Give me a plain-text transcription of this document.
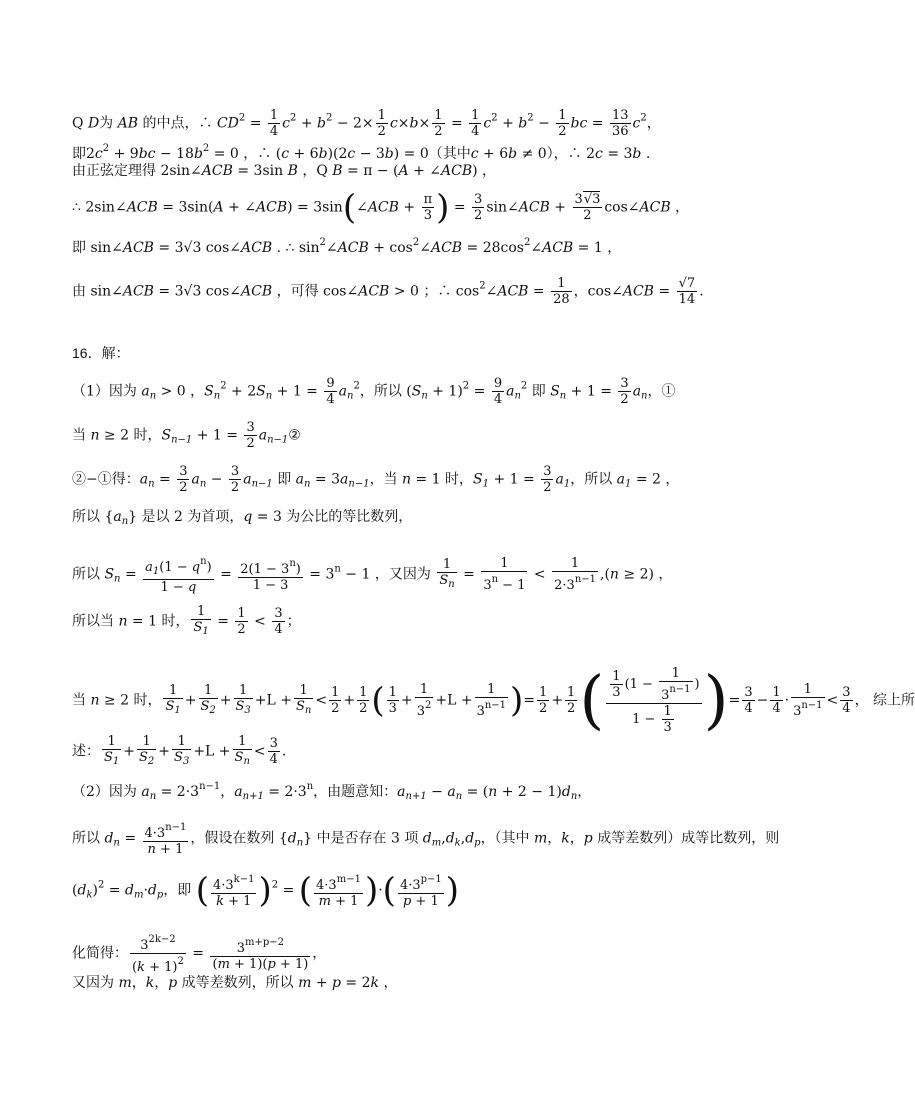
Q D为 AB 的中点，∴ $CD^2 = \frac{1}{4} c^2 + b^2 - 2\times \frac{1}{2} c\times b\times \frac{1}{2} = \frac{1}{4} c^2 + b^2 - \frac{1}{2}$ bc = $\frac{13}{36} c^2$，
即$2c^2 + 9bc - 18b^2 = 0$ ，∴ (c + 6b)(2c − 3b) = 0（其中c + 6b ≠ 0），∴ 2c = 3b .
由正弦定理得 2sin∠ACB = 3sin B ，Q B = π − (A + ∠ACB) ，
∴ 2sin∠ACB = 3sin(A + ∠ACB) = 3sin(∠ACB + $\frac{\pi}{3}$ ) = $\frac{3}{2}$ sin∠ACB + $\frac{3√3}{2}$ cos∠ACB ，
即 sin∠ACB = 3√3 cos∠ACB . ∴ $\sin^2\angle ACB$ + $\cos^2\angle ACB$ = $28\cos^2\angle ACB = 1$ ，
由 sin∠ACB = 3√3 cos∠ACB ，可得 cos∠ACB > 0 ；∴ $\cos^2\angle ACB = \frac{1}{28}$ ，cos∠ACB = $\frac{√7}{14}$ .
16．解：
（1）因为 $a_n > 0$ ，$S_n^2 + 2S_n + 1 = \frac{9}{4} a_n^2$，所以 $(S_n + 1)^2 = \frac{9}{4} a_n^2$ 即 $S_n + 1 = \frac{3}{2} a_n$，①
当 n ≥ 2 时，$S_{n-1} + 1 = \frac{3}{2}$ $a_{n-1}②$
②−①得：$a_n = \frac{3}{2} a_n - \frac{3}{2} a_{n-1}$ 即 $a_n = 3a_{n-1}$，当 n = 1 时，$S_1 + 1 = \frac{3}{2} a_1$，所以 $a_1 = 2$ ，
所以 $\{a_n\}$ 是以 2 为首项，q = 3 为公比的等比数列，
所以 $S_n = \frac{a_1(1 - q^n)}{1 - q} = \frac{2(1 - 3^n)}{1 - 3} = 3^n - 1$ ，又因为 $\frac{1}{S_n} = \frac{1}{3^n - 1} < \frac{1}{2\cdot 3^{n-1}} ,(n \ge 2)$ ，
所以当 n = 1 时， $\frac{1}{S_1} = \frac{1}{2} < \frac{3}{4}$ ；
当 n ≥ 2 时， $\frac{1}{S_1} + \frac{1}{S_2} + \frac{1}{S_3} +L + \frac{1}{S_n} < \frac{1}{2} + \frac{1}{2}$ ( $\frac{1}{3} + \frac{1}{3^2} +L + \frac{1}{3^{n-1}}$ )= $\frac{1}{2} + \frac{1}{2}$ ( $\frac{\frac{1}{3} (1 - \frac{1}{3^{n-1}} )}{1 - \frac{1}{3}}$ )= $\frac{3}{4} - \frac{1}{4} \cdot \frac{1}{3^{n-1}} < \frac{3}{4}$ ， 综上所
述： $\frac{1}{S_1} + \frac{1}{S_2} + \frac{1}{S_3} +L + \frac{1}{S_n} < \frac{3}{4}$ .
（2）因为 $a_n = 2\cdot 3^{n-1}$，$a_{n+1} = 2\cdot 3^n$，由题意知：$a_{n+1} - a_n = (n + 2 - 1)d_n$，
所以 $d_n = \frac{4\cdot 3^{n-1}}{n + 1}$ ，假设在数列 $\{d_n\}$ 中是否存在 3 项 $d_m,d_k,d_p$，（其中 m，k，p 成等差数列）成等比数列，则
$(d_k)^2 = d_m\cdot d_p$，即 ( $\frac{4\cdot 3^{k-1}}{k + 1} )^2$ = ( $\frac{4\cdot 3^{m-1}}{m + 1}$ )·( $\frac{4\cdot 3^{p-1}}{p + 1}$ )
化简得： $\frac{3^{2k-2}}{(k + 1)^2} = \frac{3^{m+p-2}}{(m + 1)(p + 1)}$ ，
又因为 m，k，p 成等差数列，所以 m + p = 2k ，
